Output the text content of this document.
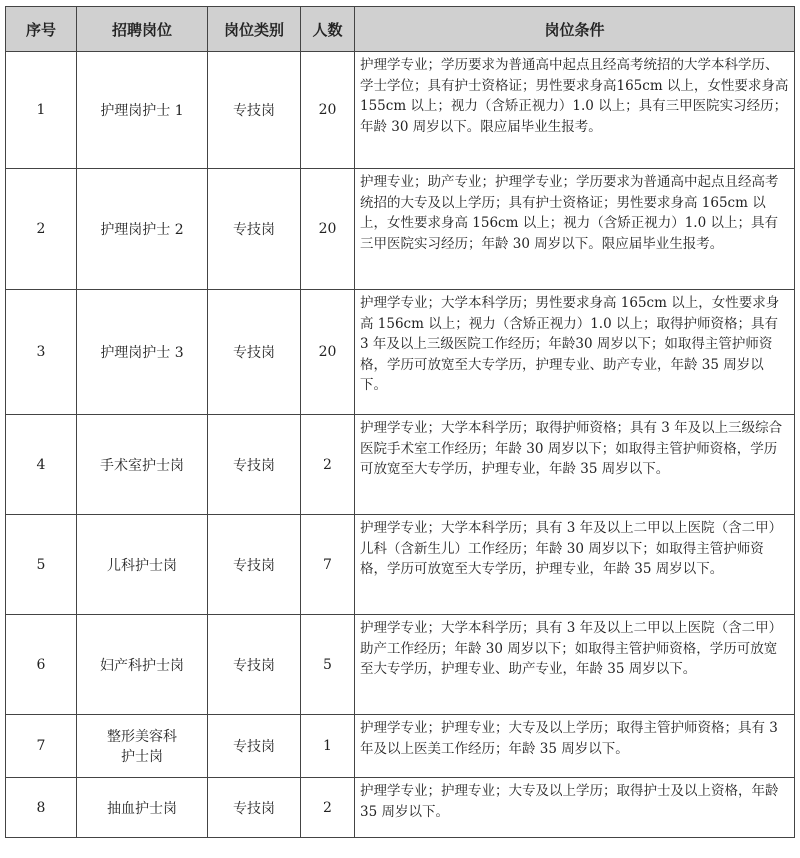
序号	招聘岗位	岗位类别	人数	岗位条件
1	护理岗护士 1	专技岗	20	护理学专业；学历要求为普通高中起点且经高考统招的大学本科学历、学士学位；具有护士资格证；男性要求身高165cm 以上，女性要求身高 155cm 以上；视力（含矫正视力）1.0 以上；具有三甲医院实习经历；年龄 30 周岁以下。限应届毕业生报考。
2	护理岗护士 2	专技岗	20	护理专业；助产专业；护理学专业；学历要求为普通高中起点且经高考统招的大专及以上学历；具有护士资格证；男性要求身高 165cm 以上，女性要求身高 156cm 以上；视力（含矫正视力）1.0 以上；具有三甲医院实习经历；年龄 30 周岁以下。限应届毕业生报考。
3	护理岗护士 3	专技岗	20	护理学专业；大学本科学历；男性要求身高 165cm 以上，女性要求身高 156cm 以上；视力（含矫正视力）1.0 以上；取得护师资格；具有 3 年及以上三级医院工作经历；年龄30 周岁以下；如取得主管护师资格，学历可放宽至大专学历，护理专业、助产专业，年龄 35 周岁以下。
4	手术室护士岗	专技岗	2	护理学专业；大学本科学历；取得护师资格；具有 3 年及以上三级综合医院手术室工作经历；年龄 30 周岁以下；如取得主管护师资格，学历可放宽至大专学历，护理专业，年龄 35 周岁以下。
5	儿科护士岗	专技岗	7	护理学专业；大学本科学历；具有 3 年及以上二甲以上医院（含二甲）儿科（含新生儿）工作经历；年龄 30 周岁以下；如取得主管护师资格，学历可放宽至大专学历，护理专业，年龄 35 周岁以下。
6	妇产科护士岗	专技岗	5	护理学专业；大学本科学历；具有 3 年及以上二甲以上医院（含二甲）助产工作经历；年龄 30 周岁以下；如取得主管护师资格，学历可放宽至大专学历，护理专业、助产专业，年龄 35 周岁以下。
7	整形美容科护士岗	专技岗	1	护理学专业；护理专业；大专及以上学历；取得主管护师资格；具有 3 年及以上医美工作经历；年龄 35 周岁以下。
8	抽血护士岗	专技岗	2	护理学专业；护理专业；大专及以上学历；取得护士及以上资格，年龄 35 周岁以下。
